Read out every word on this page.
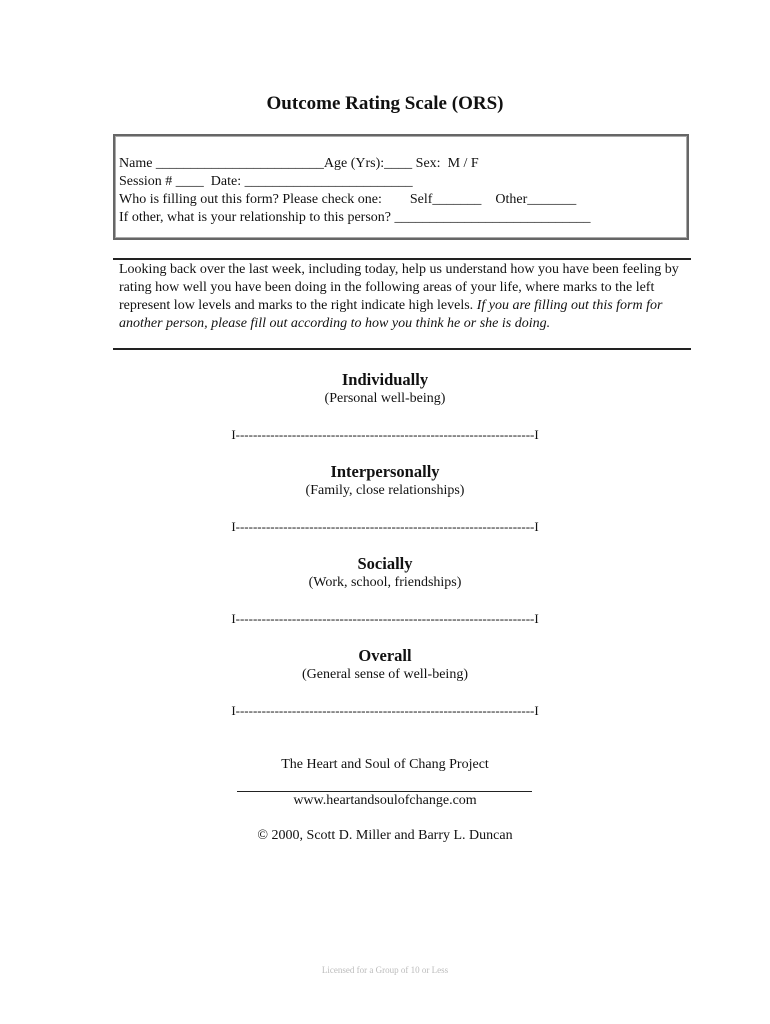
Outcome Rating Scale (ORS)
Name ________________________Age (Yrs):____ Sex:  M / F
Session # ____  Date: ________________________
Who is filling out this form? Please check one:        Self_______    Other_______
If other, what is your relationship to this person? ____________________________
Looking back over the last week, including today, help us understand how you have been feeling by rating how well you have been doing in the following areas of your life, where marks to the left represent low levels and marks to the right indicate high levels. If you are filling out this form for another person, please fill out according to how you think he or she is doing.
Individually
(Personal well-being)
I---------------------------------------------------------------------I
Interpersonally
(Family, close relationships)
I---------------------------------------------------------------------I
Socially
(Work, school, friendships)
I---------------------------------------------------------------------I
Overall
(General sense of well-being)
I---------------------------------------------------------------------I
The Heart and Soul of Chang Project
www.heartandsoulofchange.com
© 2000, Scott D. Miller and Barry L. Duncan
Licensed for a Group of 10 or Less
